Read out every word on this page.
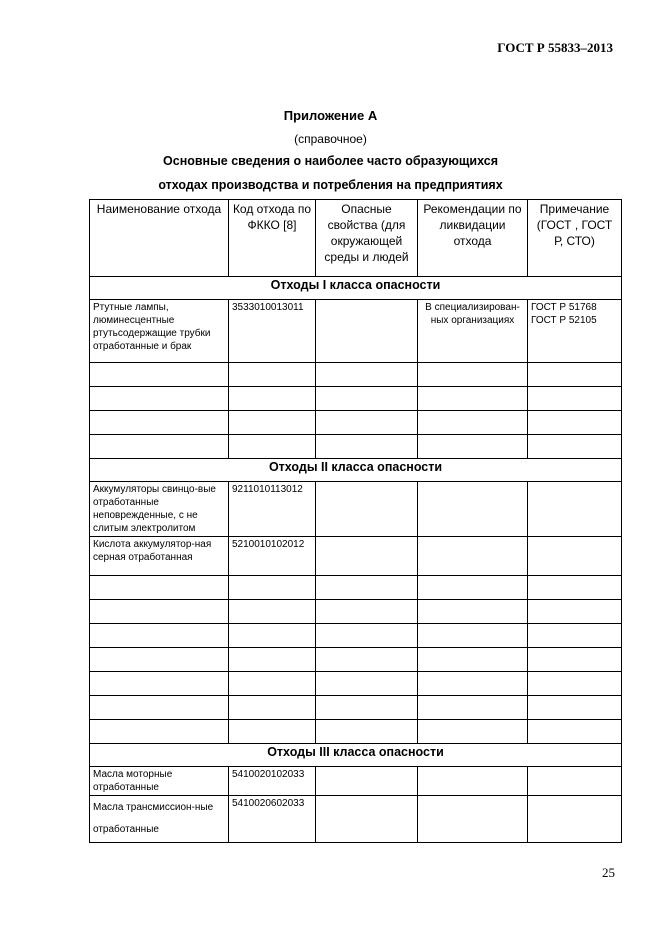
ГОСТ Р 55833–2013
Приложение А
(справочное)
Основные сведения о наиболее часто образующихся
отходах производства и потребления на предприятиях
Наименование отхода	Код отхода по ФККО [8]	Опасные свойства (для окружающей среды и людей	Рекомендации по ликвидации отхода	Примечание (ГОСТ , ГОСТ Р, СТО)
Отходы I класса опасности				
Ртутные лампы, люминесцентные ртутьсодержащие трубки отработанные и брак	3533010013011		В специализирован-ных организациях	ГОСТ Р 51768 ГОСТ Р 52105

Отходы II класса опасности				
Аккумуляторы свинцо-вые отработанные неповрежденные, с не слитым электролитом	9211010113012			
Кислота аккумулятор-ная серная отработанная	5210010102012			

Отходы III класса опасности				
Масла моторные отработанные	5410020102033			
Масла трансмиссион-ные отработанные	5410020602033			
25
